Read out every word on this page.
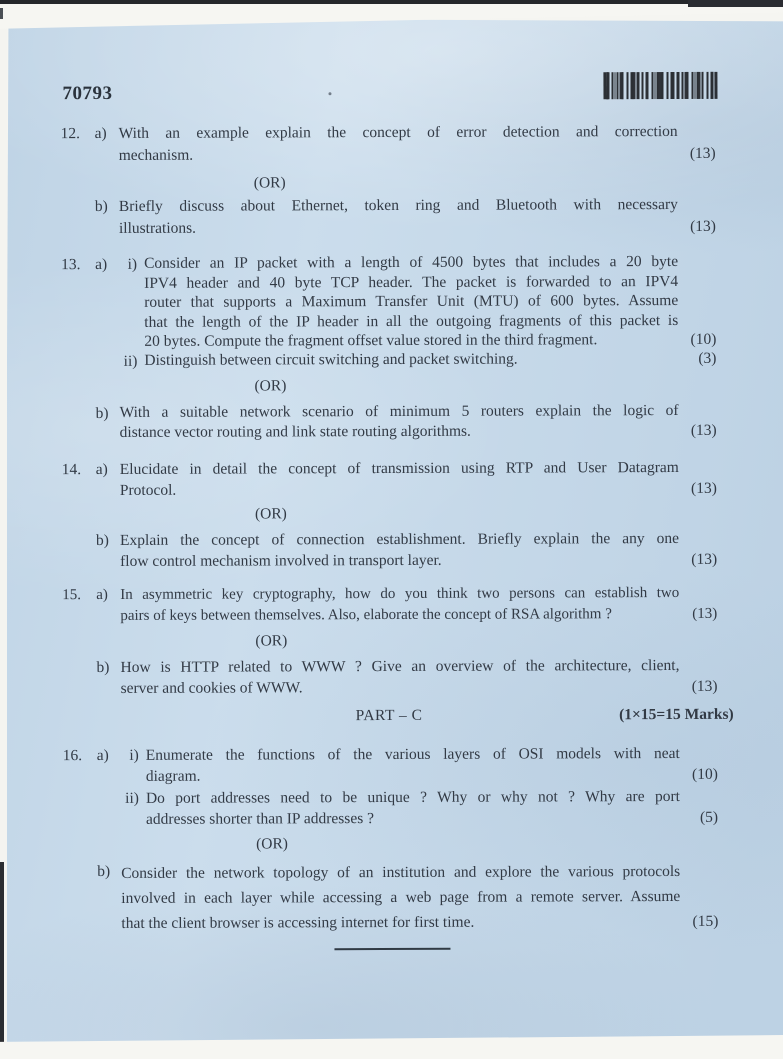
70793
12. a) With an example explain the concept of error detection and correction
mechanism.	(13)
(OR)
b) Briefly discuss about Ethernet, token ring and Bluetooth with necessary
illustrations.	(13)
13. a)	i) Consider an IP packet with a length of 4500 bytes that includes a 20 byte
IPV4 header and 40 byte TCP header. The packet is forwarded to an IPV4
router that supports a Maximum Transfer Unit (MTU) of 600 bytes. Assume
that the length of the IP header in all the outgoing fragments of this packet is
20 bytes. Compute the fragment offset value stored in the third fragment.	(10)
ii) Distinguish between circuit switching and packet switching.	(3)
(OR)
b) With a suitable network scenario of minimum 5 routers explain the logic of
distance vector routing and link state routing algorithms.	(13)
14. a) Elucidate in detail the concept of transmission using RTP and User Datagram
Protocol.	(13)
(OR)
b) Explain the concept of connection establishment. Briefly explain the any one
flow control mechanism involved in transport layer.	(13)
15.	a) In asymmetric key cryptography, how do you think two persons can establish two
pairs of keys between themselves. Also, elaborate the concept of RSA algorithm ?	(13)
(OR)
b) How is HTTP related to WWW ? Give an overview of the architecture, client,
server and cookies of WWW.	(13)
PART – C	(1×15=15 Marks)
16. a)	i) Enumerate the functions of the various layers of OSI models with neat
diagram.	(10)
ii) Do port addresses need to be unique ? Why or why not ? Why are port
addresses shorter than IP addresses ?	(5)
(OR)
b) Consider the network topology of an institution and explore the various protocols
involved in each layer while accessing a web page from a remote server. Assume
that the client browser is accessing internet for first time.	(15)
